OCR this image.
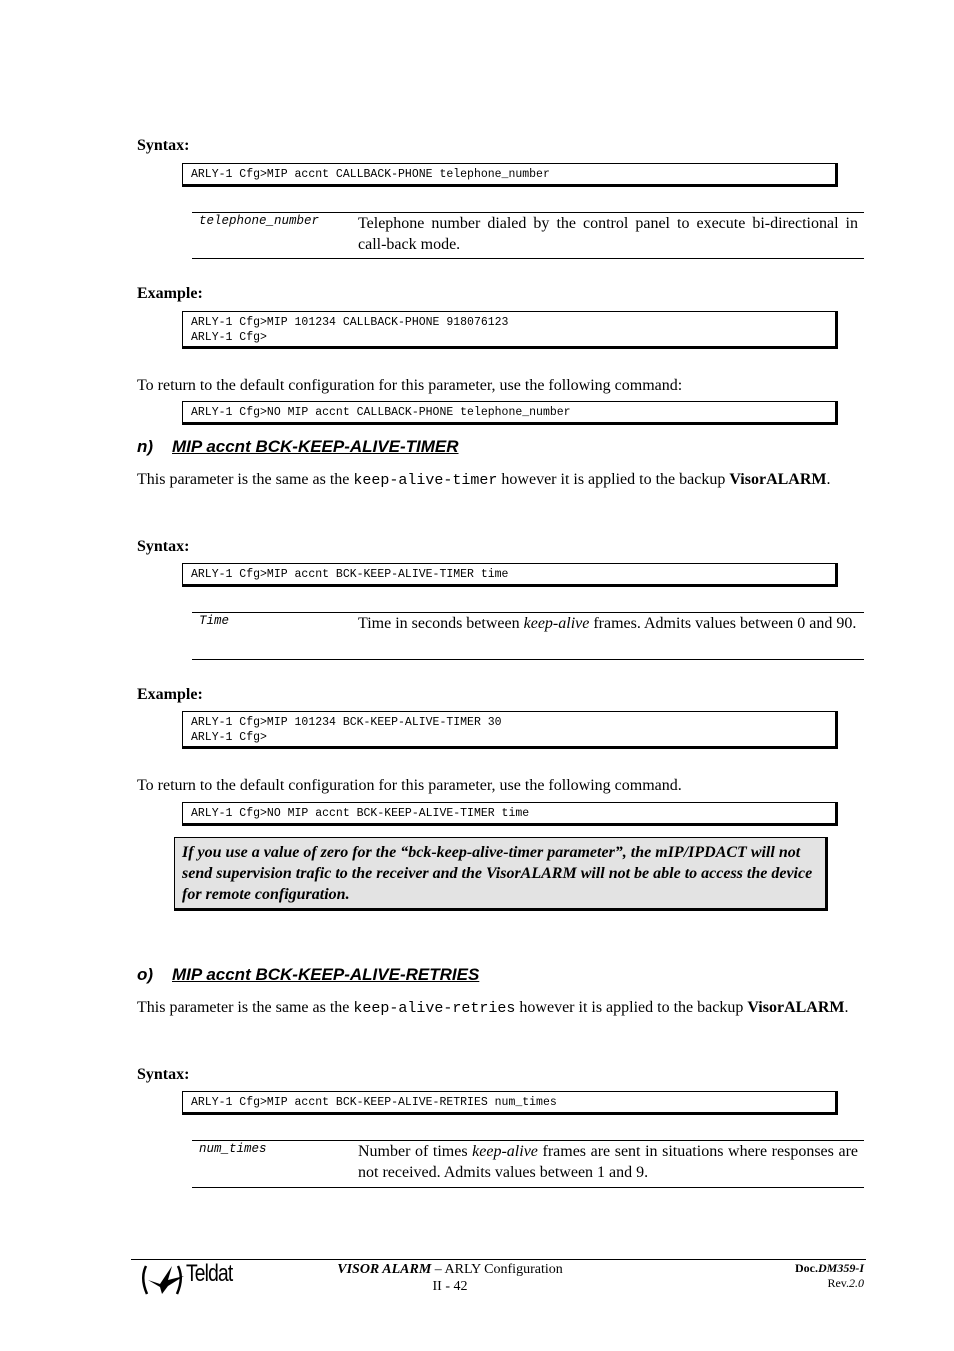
Syntax:
ARLY-1 Cfg>MIP accnt CALLBACK-PHONE telephone_number
telephone_number Telephone number dialed by the control panel to execute bi-directional in call-back mode.
Example:
ARLY-1 Cfg>MIP 101234 CALLBACK-PHONE 918076123
ARLY-1 Cfg>
To return to the default configuration for this parameter, use the following command:
ARLY-1 Cfg>NO MIP accnt CALLBACK-PHONE telephone_number
n) MIP accnt BCK-KEEP-ALIVE-TIMER
This parameter is the same as the keep-alive-timer however it is applied to the backup VisorALARM.
Syntax:
ARLY-1 Cfg>MIP accnt BCK-KEEP-ALIVE-TIMER time
Time	Time in seconds between keep-alive frames. Admits values between 0 and 90.
Example:
ARLY-1 Cfg>MIP 101234 BCK-KEEP-ALIVE-TIMER 30
ARLY-1 Cfg>
To return to the default configuration for this parameter, use the following command.
ARLY-1 Cfg>NO MIP accnt BCK-KEEP-ALIVE-TIMER time
If you use a value of zero for the “bck-keep-alive-timer parameter”, the mIP/IPDACT will not send supervision trafic to the receiver and the VisorALARM will not be able to access the device for remote configuration.
o) MIP accnt BCK-KEEP-ALIVE-RETRIES
This parameter is the same as the keep-alive-retries however it is applied to the backup VisorALARM.
Syntax:
ARLY-1 Cfg>MIP accnt BCK-KEEP-ALIVE-RETRIES num_times
num_times	Number of times keep-alive frames are sent in situations where responses are not received. Admits values between 1 and 9.
Teldat	VISOR ALARM – ARLY Configuration
II - 42
Doc.DM359-I
Rev.2.0
